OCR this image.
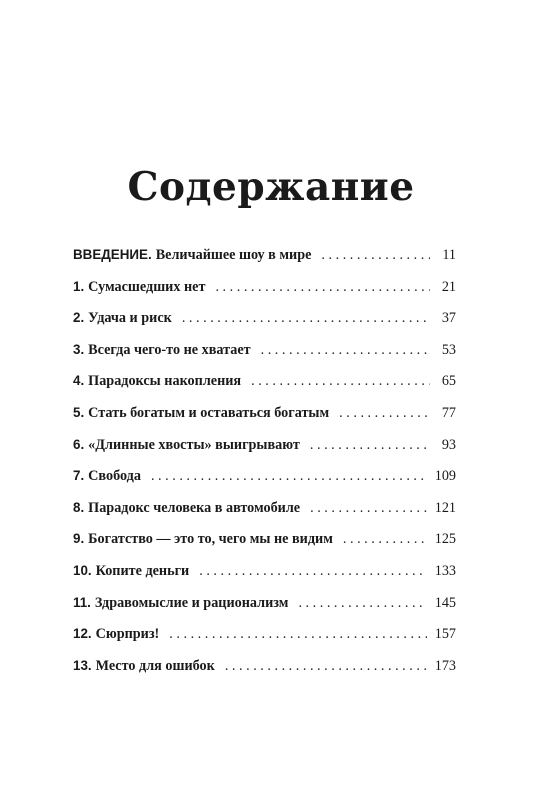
Содержание
ВВЕДЕНИЕ. Величайшее шоу в мире . . .	11
1. Сумасшедших нет . . .	21
2. Удача и риск . . .	37
3. Всегда чего-то не хватает . . .	53
4. Парадоксы накопления . . .	65
5. Стать богатым и оставаться богатым . . .	77
6. «Длинные хвосты» выигрывают . . .	93
7. Свобода . . .	109
8. Парадокс человека в автомобиле . . .	121
9. Богатство — это то, чего мы не видим . . .	125
10. Копите деньги . . .	133
11. Здравомыслие и рационализм . . .	145
12. Сюрприз! . . .	157
13. Место для ошибок . . .	173
